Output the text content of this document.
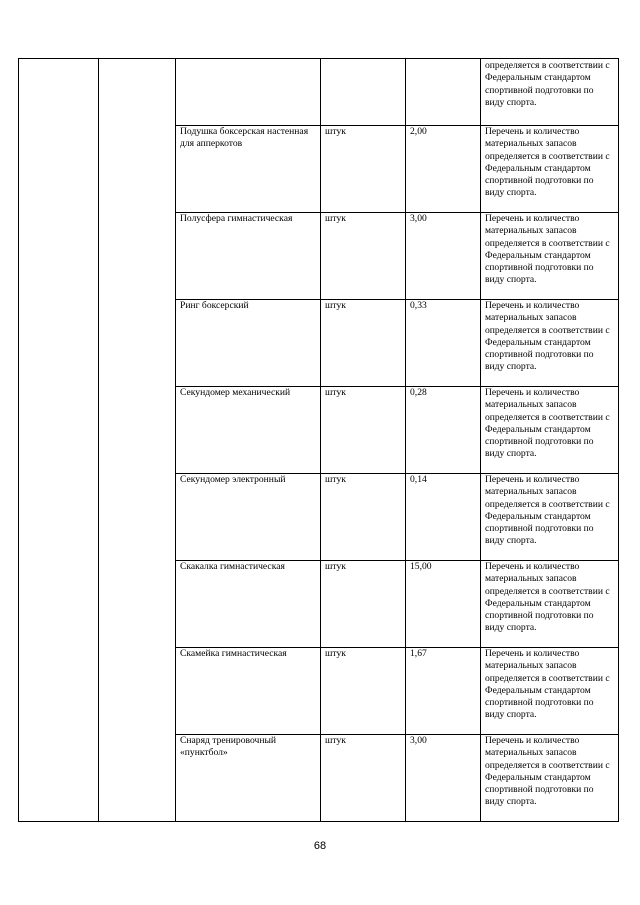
					определяется в соответствии с Федеральным стандартом спортивной подготовки по виду спорта.
		Подушка боксерская настенная для апперкотов	штук	2,00	Перечень и количество материальных запасов определяется в соответствии с Федеральным стандартом спортивной подготовки по виду спорта.
		Полусфера гимнастическая	штук	3,00	Перечень и количество материальных запасов определяется в соответствии с Федеральным стандартом спортивной подготовки по виду спорта.
		Ринг боксерский	штук	0,33	Перечень и количество материальных запасов определяется в соответствии с Федеральным стандартом спортивной подготовки по виду спорта.
		Секундомер механический	штук	0,28	Перечень и количество материальных запасов определяется в соответствии с Федеральным стандартом спортивной подготовки по виду спорта.
		Секундомер электронный	штук	0,14	Перечень и количество материальных запасов определяется в соответствии с Федеральным стандартом спортивной подготовки по виду спорта.
		Скакалка гимнастическая	штук	15,00	Перечень и количество материальных запасов определяется в соответствии с Федеральным стандартом спортивной подготовки по виду спорта.
		Скамейка гимнастическая	штук	1,67	Перечень и количество материальных запасов определяется в соответствии с Федеральным стандартом спортивной подготовки по виду спорта.
		Снаряд тренировочный «пунктбол»	штук	3,00	Перечень и количество материальных запасов определяется в соответствии с Федеральным стандартом спортивной подготовки по виду спорта.
68
